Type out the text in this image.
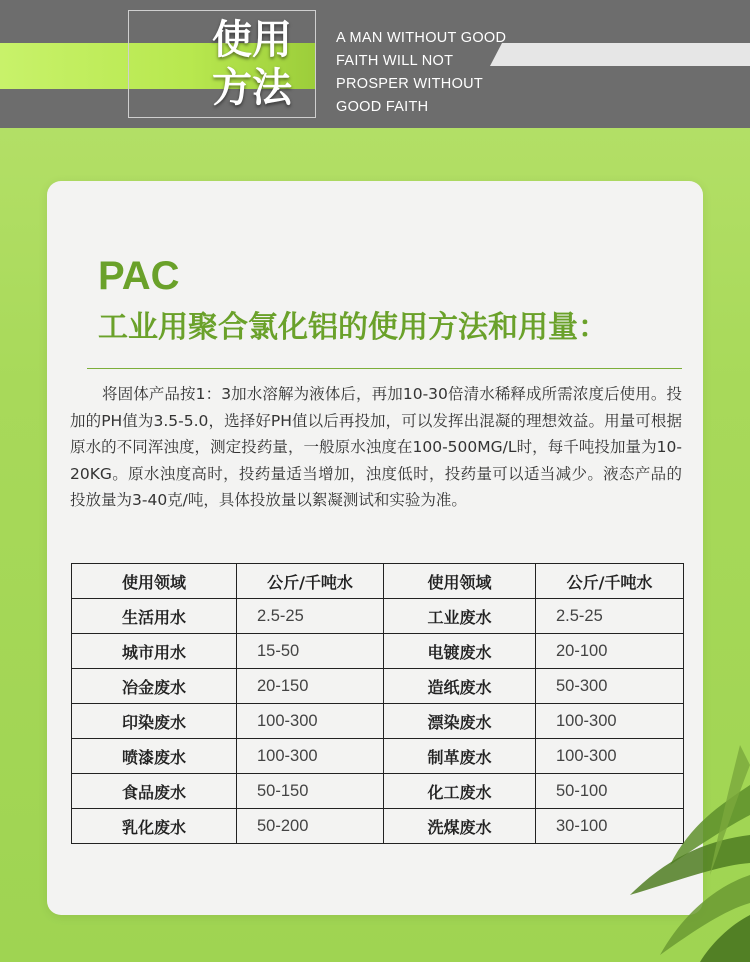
使用
方法
A MAN WITHOUT GOOD
FAITH WILL NOT
PROSPER WITHOUT
GOOD FAITH
PAC
工业用聚合氯化铝的使用方法和用量：

将固体产品按1：3加水溶解为液体后，再加10-30倍清水稀释成所需浓度后使用。投加的PH值为3.5-5.0，选择好PH值以后再投加，可以发挥出混凝的理想效益。用量可根据原水的不同浑浊度，测定投药量，一般原水浊度在100-500MG/L时，每千吨投加量为10-20KG。原水浊度高时，投药量适当增加，浊度低时，投药量可以适当减少。液态产品的投放量为3-40克/吨，具体投放量以絮凝测试和实验为准。

使用领域	公斤/千吨水	使用领域	公斤/千吨水
生活用水	2.5-25	工业废水	2.5-25
城市用水	15-50	电镀废水	20-100
冶金废水	20-150	造纸废水	50-300
印染废水	100-300	漂染废水	100-300
喷漆废水	100-300	制革废水	100-300
食品废水	50-150	化工废水	50-100
乳化废水	50-200	洗煤废水	30-100
